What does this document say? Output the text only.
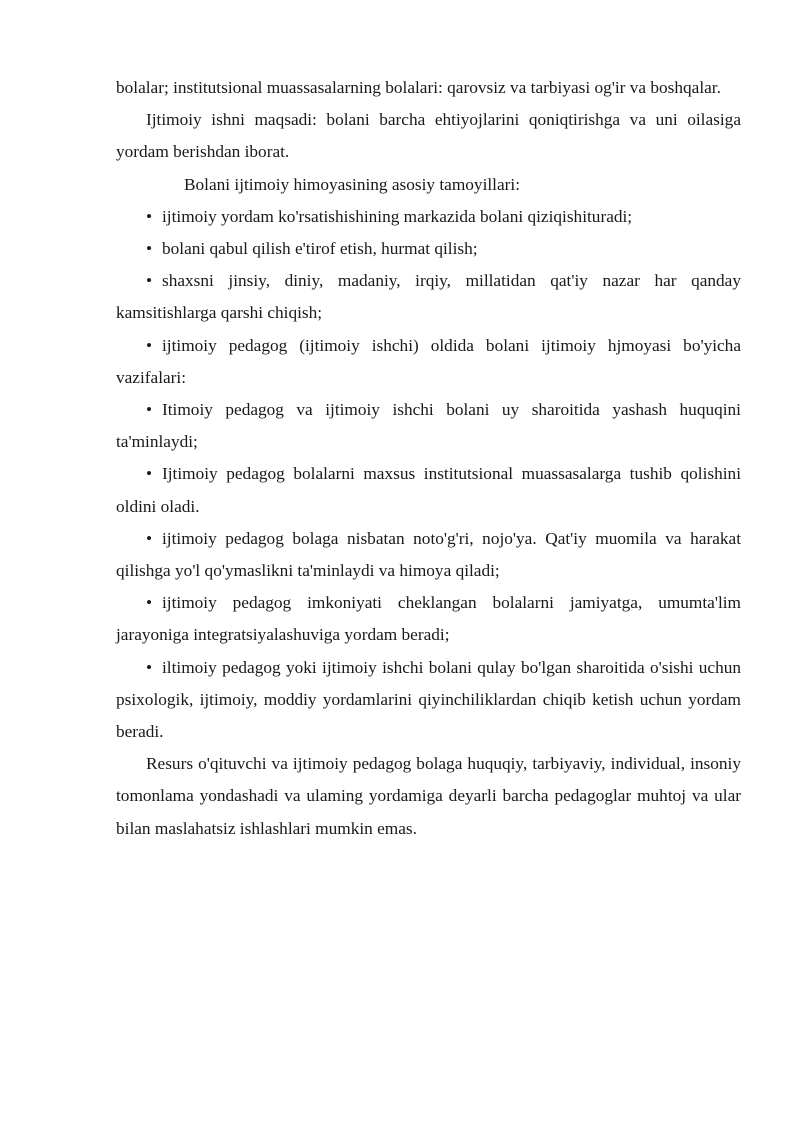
bolalar; institutsional muassasalarning bolalari: qarovsiz va tarbiyasi og'ir va boshqalar.

Ijtimoiy ishni maqsadi: bolani barcha ehtiyojlarini qoniqtirishga va uni oilasiga yordam berishdan iborat.

Bolani ijtimoiy himoyasining asosiy tamoyillari:

• ijtimoiy yordam ko'rsatishishining markazida bolani qiziqishituradi;

• bolani qabul qilish e'tirof etish, hurmat qilish;

• shaxsni jinsiy, diniy, madaniy, irqiy, millatidan qat'iy nazar har qanday kamsitishlarga qarshi chiqish;

• ijtimoiy pedagog (ijtimoiy ishchi) oldida bolani ijtimoiy hjmoyasi bo'yicha vazifalari:

• Itimoiy pedagog va ijtimoiy ishchi bolani uy sharoitida yashash huquqini ta'minlaydi;

• Ijtimoiy pedagog bolalarni maxsus institutsional muassasalarga tushib qolishini oldini oladi.

• ijtimoiy pedagog bolaga nisbatan noto'g'ri, nojo'ya. Qat'iy muomila va harakat qilishga yo'l qo'ymaslikni ta'minlaydi va himoya qiladi;

• ijtimoiy pedagog imkoniyati cheklangan bolalarni jamiyatga, umumta'lim jarayoniga integratsiyalashuviga yordam beradi;

• iltimoiy pedagog yoki ijtimoiy ishchi bolani qulay bo'lgan sharoitida o'sishi uchun psixologik, ijtimoiy, moddiy yordamlarini qiyinchiliklardan chiqib ketish uchun yordam beradi.

Resurs o'qituvchi va ijtimoiy pedagog bolaga huquqiy, tarbiyaviy, individual, insoniy tomonlama yondashadi va ulaming yordamiga deyarli barcha pedagoglar muhtoj va ular bilan maslahatsiz ishlashlari mumkin emas.
